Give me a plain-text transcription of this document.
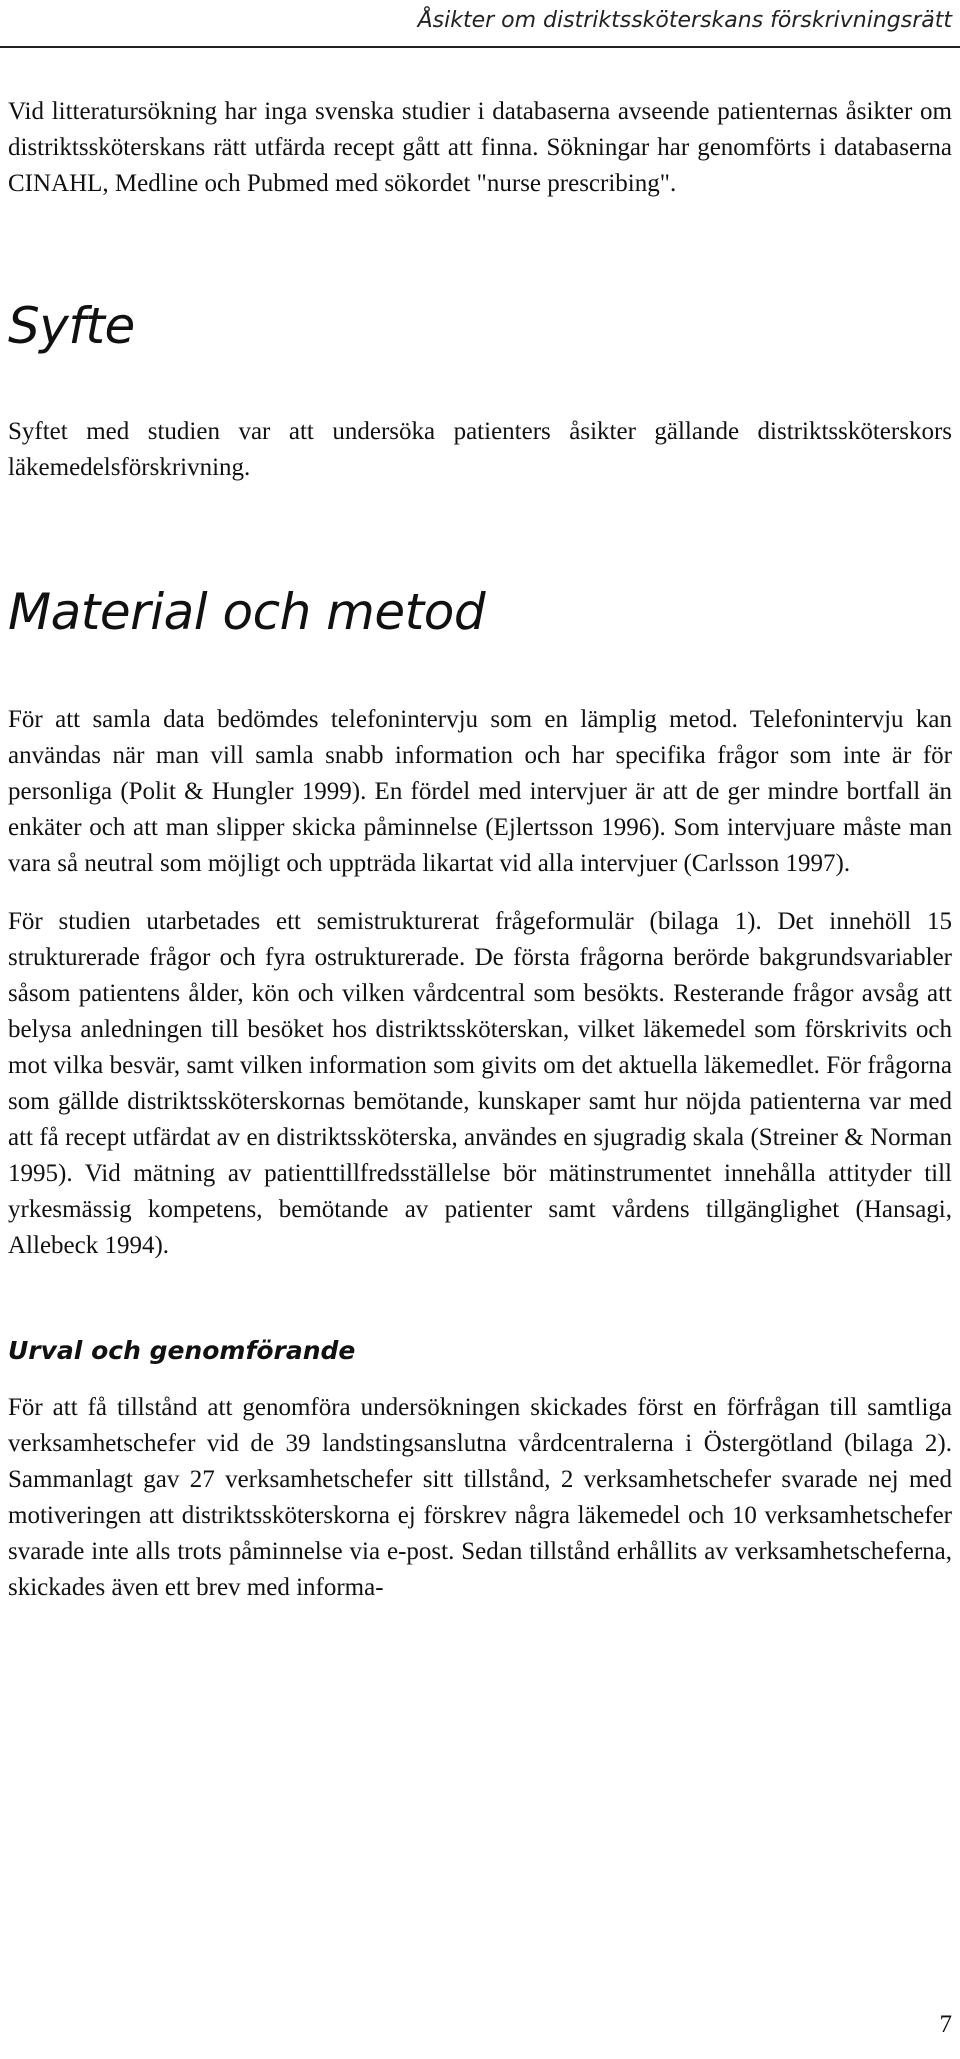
Åsikter om distriktssköterskans förskrivningsrätt

Vid litteratursökning har inga svenska studier i databaserna avseende patienternas åsikter om distriktssköterskans rätt utfärda recept gått att finna. Sökningar har genomförts i databaserna CINAHL, Medline och Pubmed med sökordet "nurse prescribing".

Syfte

Syftet med studien var att undersöka patienters åsikter gällande distriktssköterskors läkemedelsförskrivning.

Material och metod

För att samla data bedömdes telefonintervju som en lämplig metod. Telefonintervju kan användas när man vill samla snabb information och har specifika frågor som inte är för personliga (Polit & Hungler 1999). En fördel med intervjuer är att de ger mindre bortfall än enkäter och att man slipper skicka påminnelse (Ejlertsson 1996). Som intervjuare måste man vara så neutral som möjligt och uppträda likartat vid alla intervjuer (Carlsson 1997).

För studien utarbetades ett semistrukturerat frågeformulär (bilaga 1). Det innehöll 15 strukturerade frågor och fyra ostrukturerade. De första frågorna berörde bakgrundsvariabler såsom patientens ålder, kön och vilken vårdcentral som besökts. Resterande frågor avsåg att belysa anledningen till besöket hos distriktssköterskan, vilket läkemedel som förskrivits och mot vilka besvär, samt vilken information som givits om det aktuella läkemedlet. För frågorna som gällde distriktssköterskornas bemötande, kunskaper samt hur nöjda patienterna var med att få recept utfärdat av en distriktssköterska, användes en sjugradig skala (Streiner & Norman 1995). Vid mätning av patienttillfredsställelse bör mätinstrumentet innehålla attityder till yrkesmässig kompetens, bemötande av patienter samt vårdens tillgänglighet (Hansagi, Allebeck 1994).

Urval och genomförande

För att få tillstånd att genomföra undersökningen skickades först en förfrågan till samtliga verksamhetschefer vid de 39 landstingsanslutna vårdcentralerna i Östergötland (bilaga 2). Sammanlagt gav 27 verksamhetschefer sitt tillstånd, 2 verksamhetschefer svarade nej med motiveringen att distriktssköterskorna ej förskrev några läkemedel och 10 verksamhetschefer svarade inte alls trots påminnelse via e-post. Sedan tillstånd erhållits av verksamhetscheferna, skickades även ett brev med informa-

7
